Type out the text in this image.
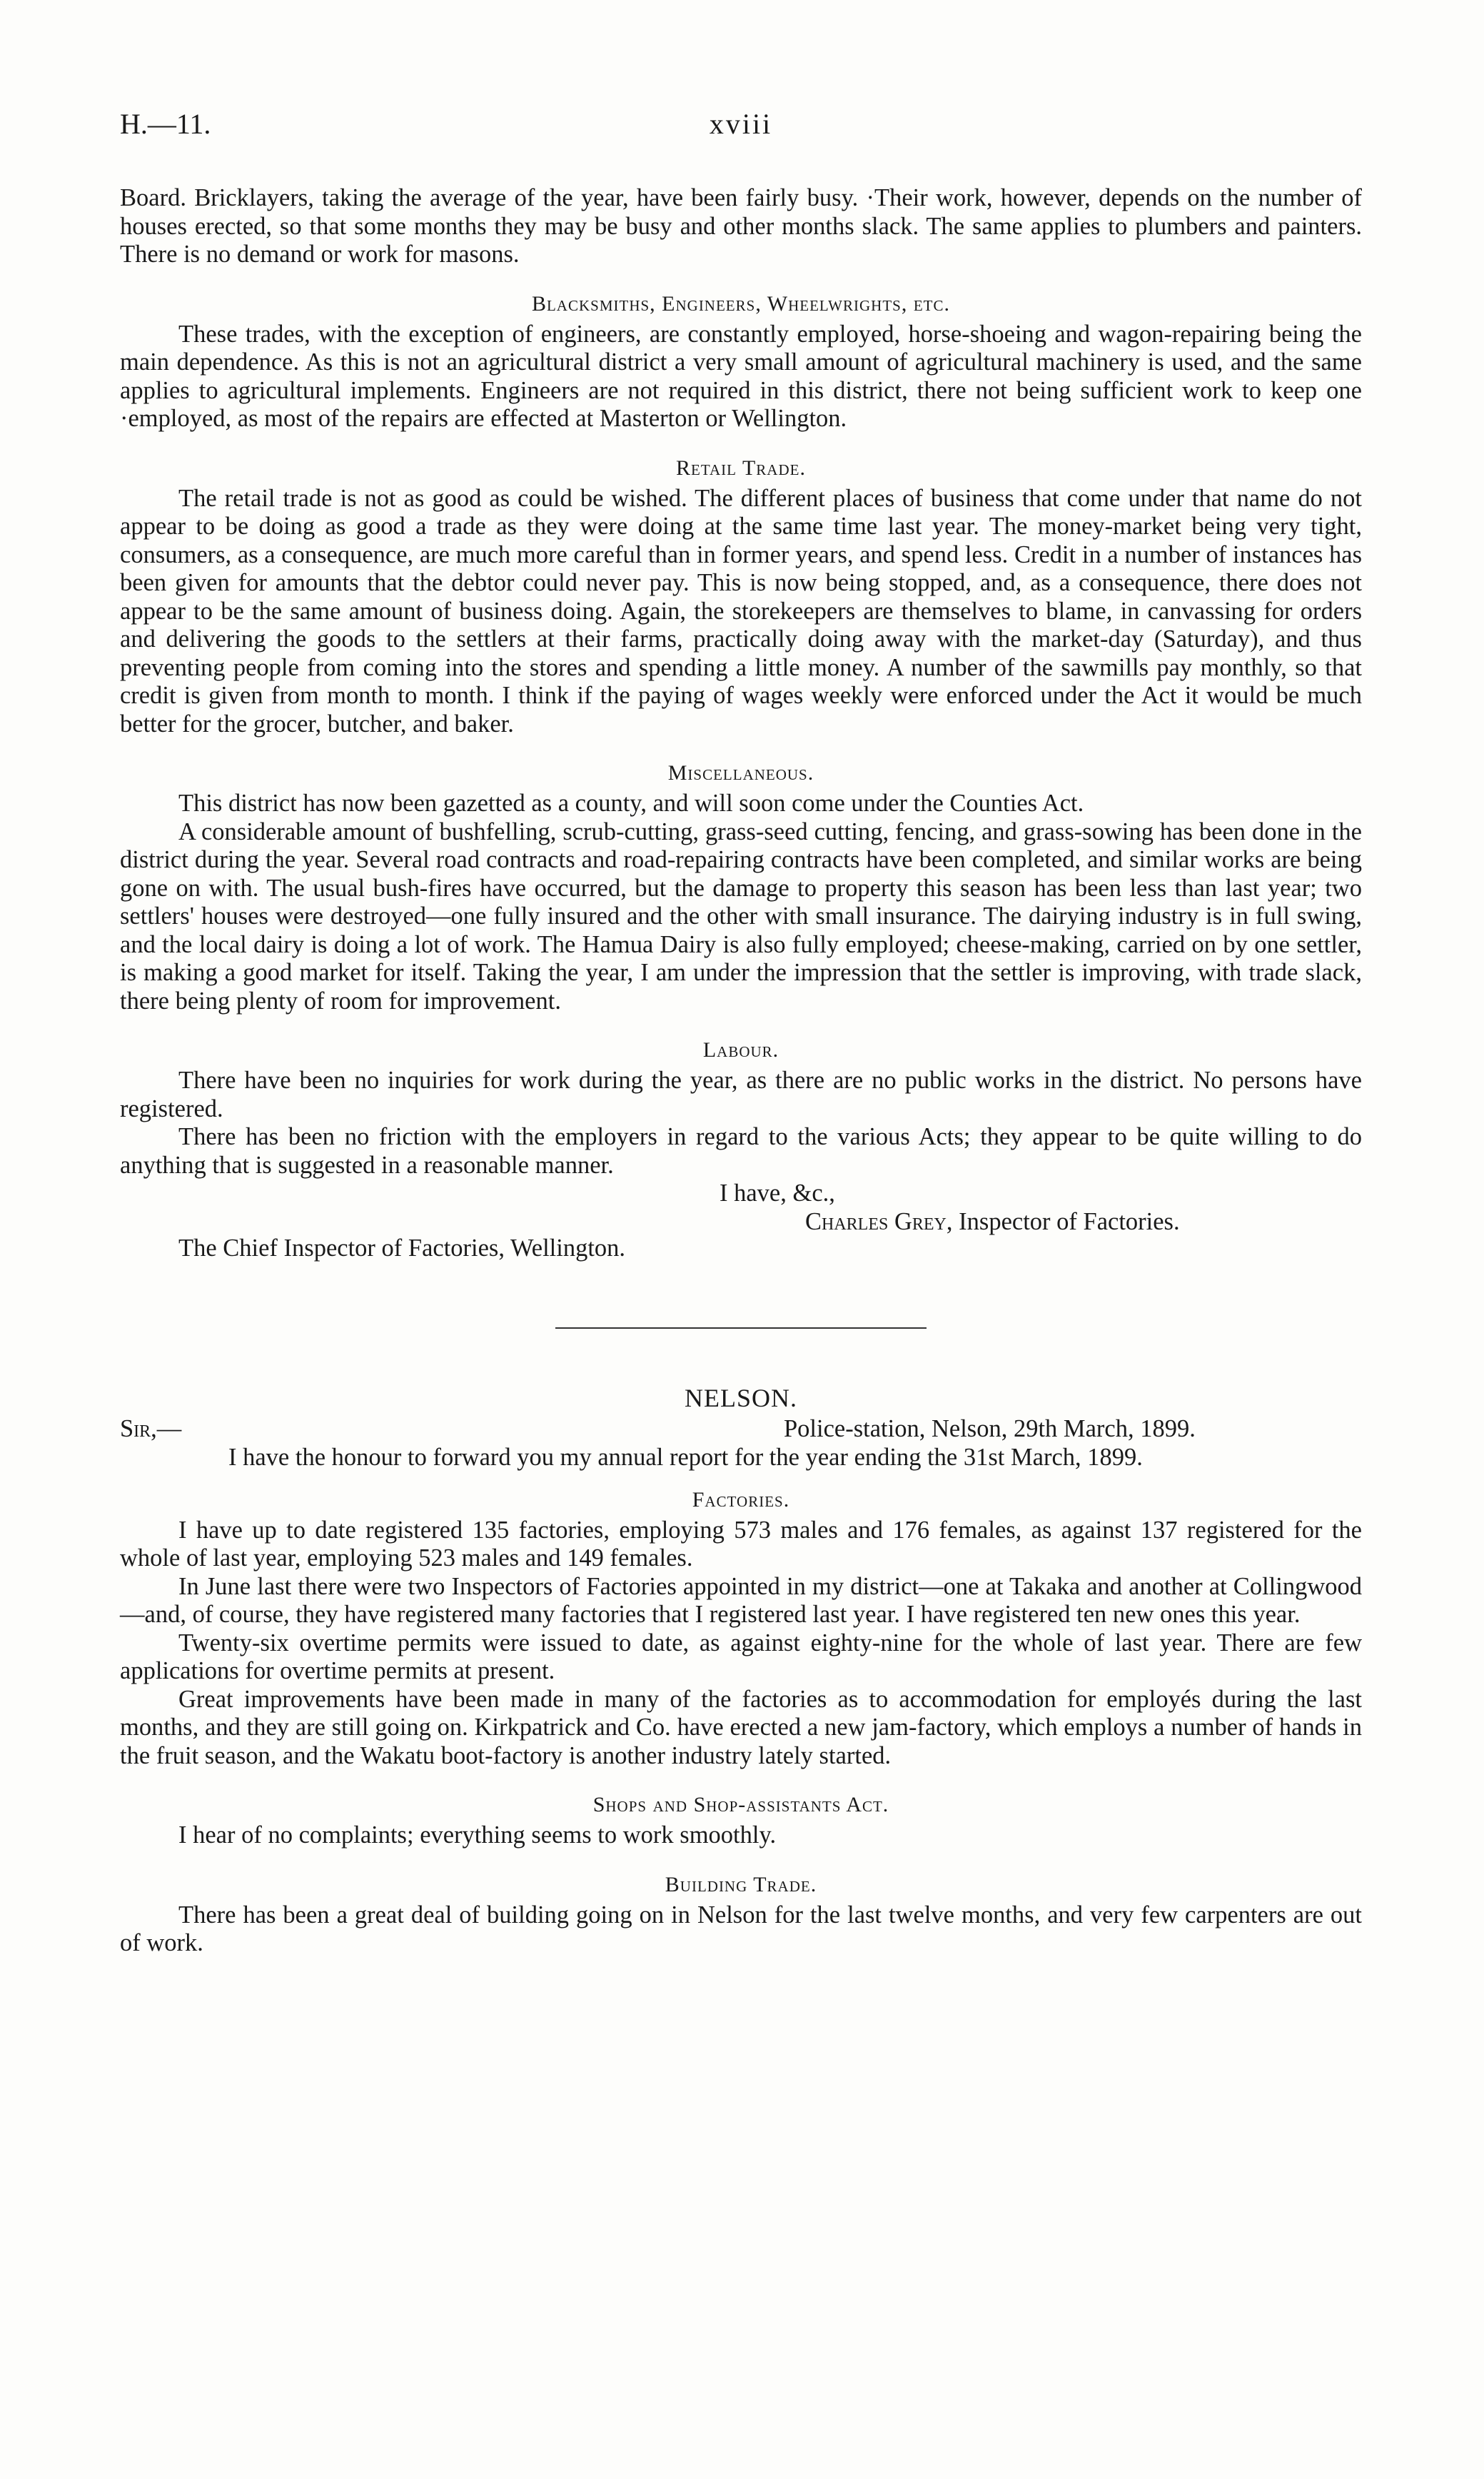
H.—11.	xviii

Board. Bricklayers, taking the average of the year, have been fairly busy. ·Their work, however, depends on the number of houses erected, so that some months they may be busy and other months slack. The same applies to plumbers and painters. There is no demand or work for masons.

Blacksmiths, Engineers, Wheelwrights, etc.

These trades, with the exception of engineers, are constantly employed, horse-shoeing and wagon-repairing being the main dependence. As this is not an agricultural district a very small amount of agricultural machinery is used, and the same applies to agricultural implements. Engineers are not required in this district, there not being sufficient work to keep one ·employed, as most of the repairs are effected at Masterton or Wellington.

Retail Trade.

The retail trade is not as good as could be wished. The different places of business that come under that name do not appear to be doing as good a trade as they were doing at the same time last year. The money-market being very tight, consumers, as a consequence, are much more careful than in former years, and spend less. Credit in a number of instances has been given for amounts that the debtor could never pay. This is now being stopped, and, as a consequence, there does not appear to be the same amount of business doing. Again, the storekeepers are themselves to blame, in canvassing for orders and delivering the goods to the settlers at their farms, practically doing away with the market-day (Saturday), and thus preventing people from coming into the stores and spending a little money. A number of the sawmills pay monthly, so that credit is given from month to month. I think if the paying of wages weekly were enforced under the Act it would be much better for the grocer, butcher, and baker.

Miscellaneous.

This district has now been gazetted as a county, and will soon come under the Counties Act.

A considerable amount of bushfelling, scrub-cutting, grass-seed cutting, fencing, and grass-sowing has been done in the district during the year. Several road contracts and road-repairing contracts have been completed, and similar works are being gone on with. The usual bush-fires have occurred, but the damage to property this season has been less than last year; two settlers' houses were destroyed—one fully insured and the other with small insurance. The dairying industry is in full swing, and the local dairy is doing a lot of work. The Hamua Dairy is also fully employed; cheese-making, carried on by one settler, is making a good market for itself. Taking the year, I am under the impression that the settler is improving, with trade slack, there being plenty of room for improvement.

Labour.

There have been no inquiries for work during the year, as there are no public works in the district. No persons have registered.

There has been no friction with the employers in regard to the various Acts; they appear to be quite willing to do anything that is suggested in a reasonable manner.

I have, &c.,

Charles Grey, Inspector of Factories.

The Chief Inspector of Factories, Wellington.

NELSON.
Sir,—	Police-station, Nelson, 29th March, 1899.

I have the honour to forward you my annual report for the year ending the 31st March, 1899.

Factories.

I have up to date registered 135 factories, employing 573 males and 176 females, as against 137 registered for the whole of last year, employing 523 males and 149 females.

In June last there were two Inspectors of Factories appointed in my district—one at Takaka and another at Collingwood—and, of course, they have registered many factories that I registered last year. I have registered ten new ones this year.

Twenty-six overtime permits were issued to date, as against eighty-nine for the whole of last year. There are few applications for overtime permits at present.

Great improvements have been made in many of the factories as to accommodation for employés during the last months, and they are still going on. Kirkpatrick and Co. have erected a new jam-factory, which employs a number of hands in the fruit season, and the Wakatu boot-factory is another industry lately started.

Shops and Shop-assistants Act.

I hear of no complaints; everything seems to work smoothly.

Building Trade.

There has been a great deal of building going on in Nelson for the last twelve months, and very few carpenters are out of work.
